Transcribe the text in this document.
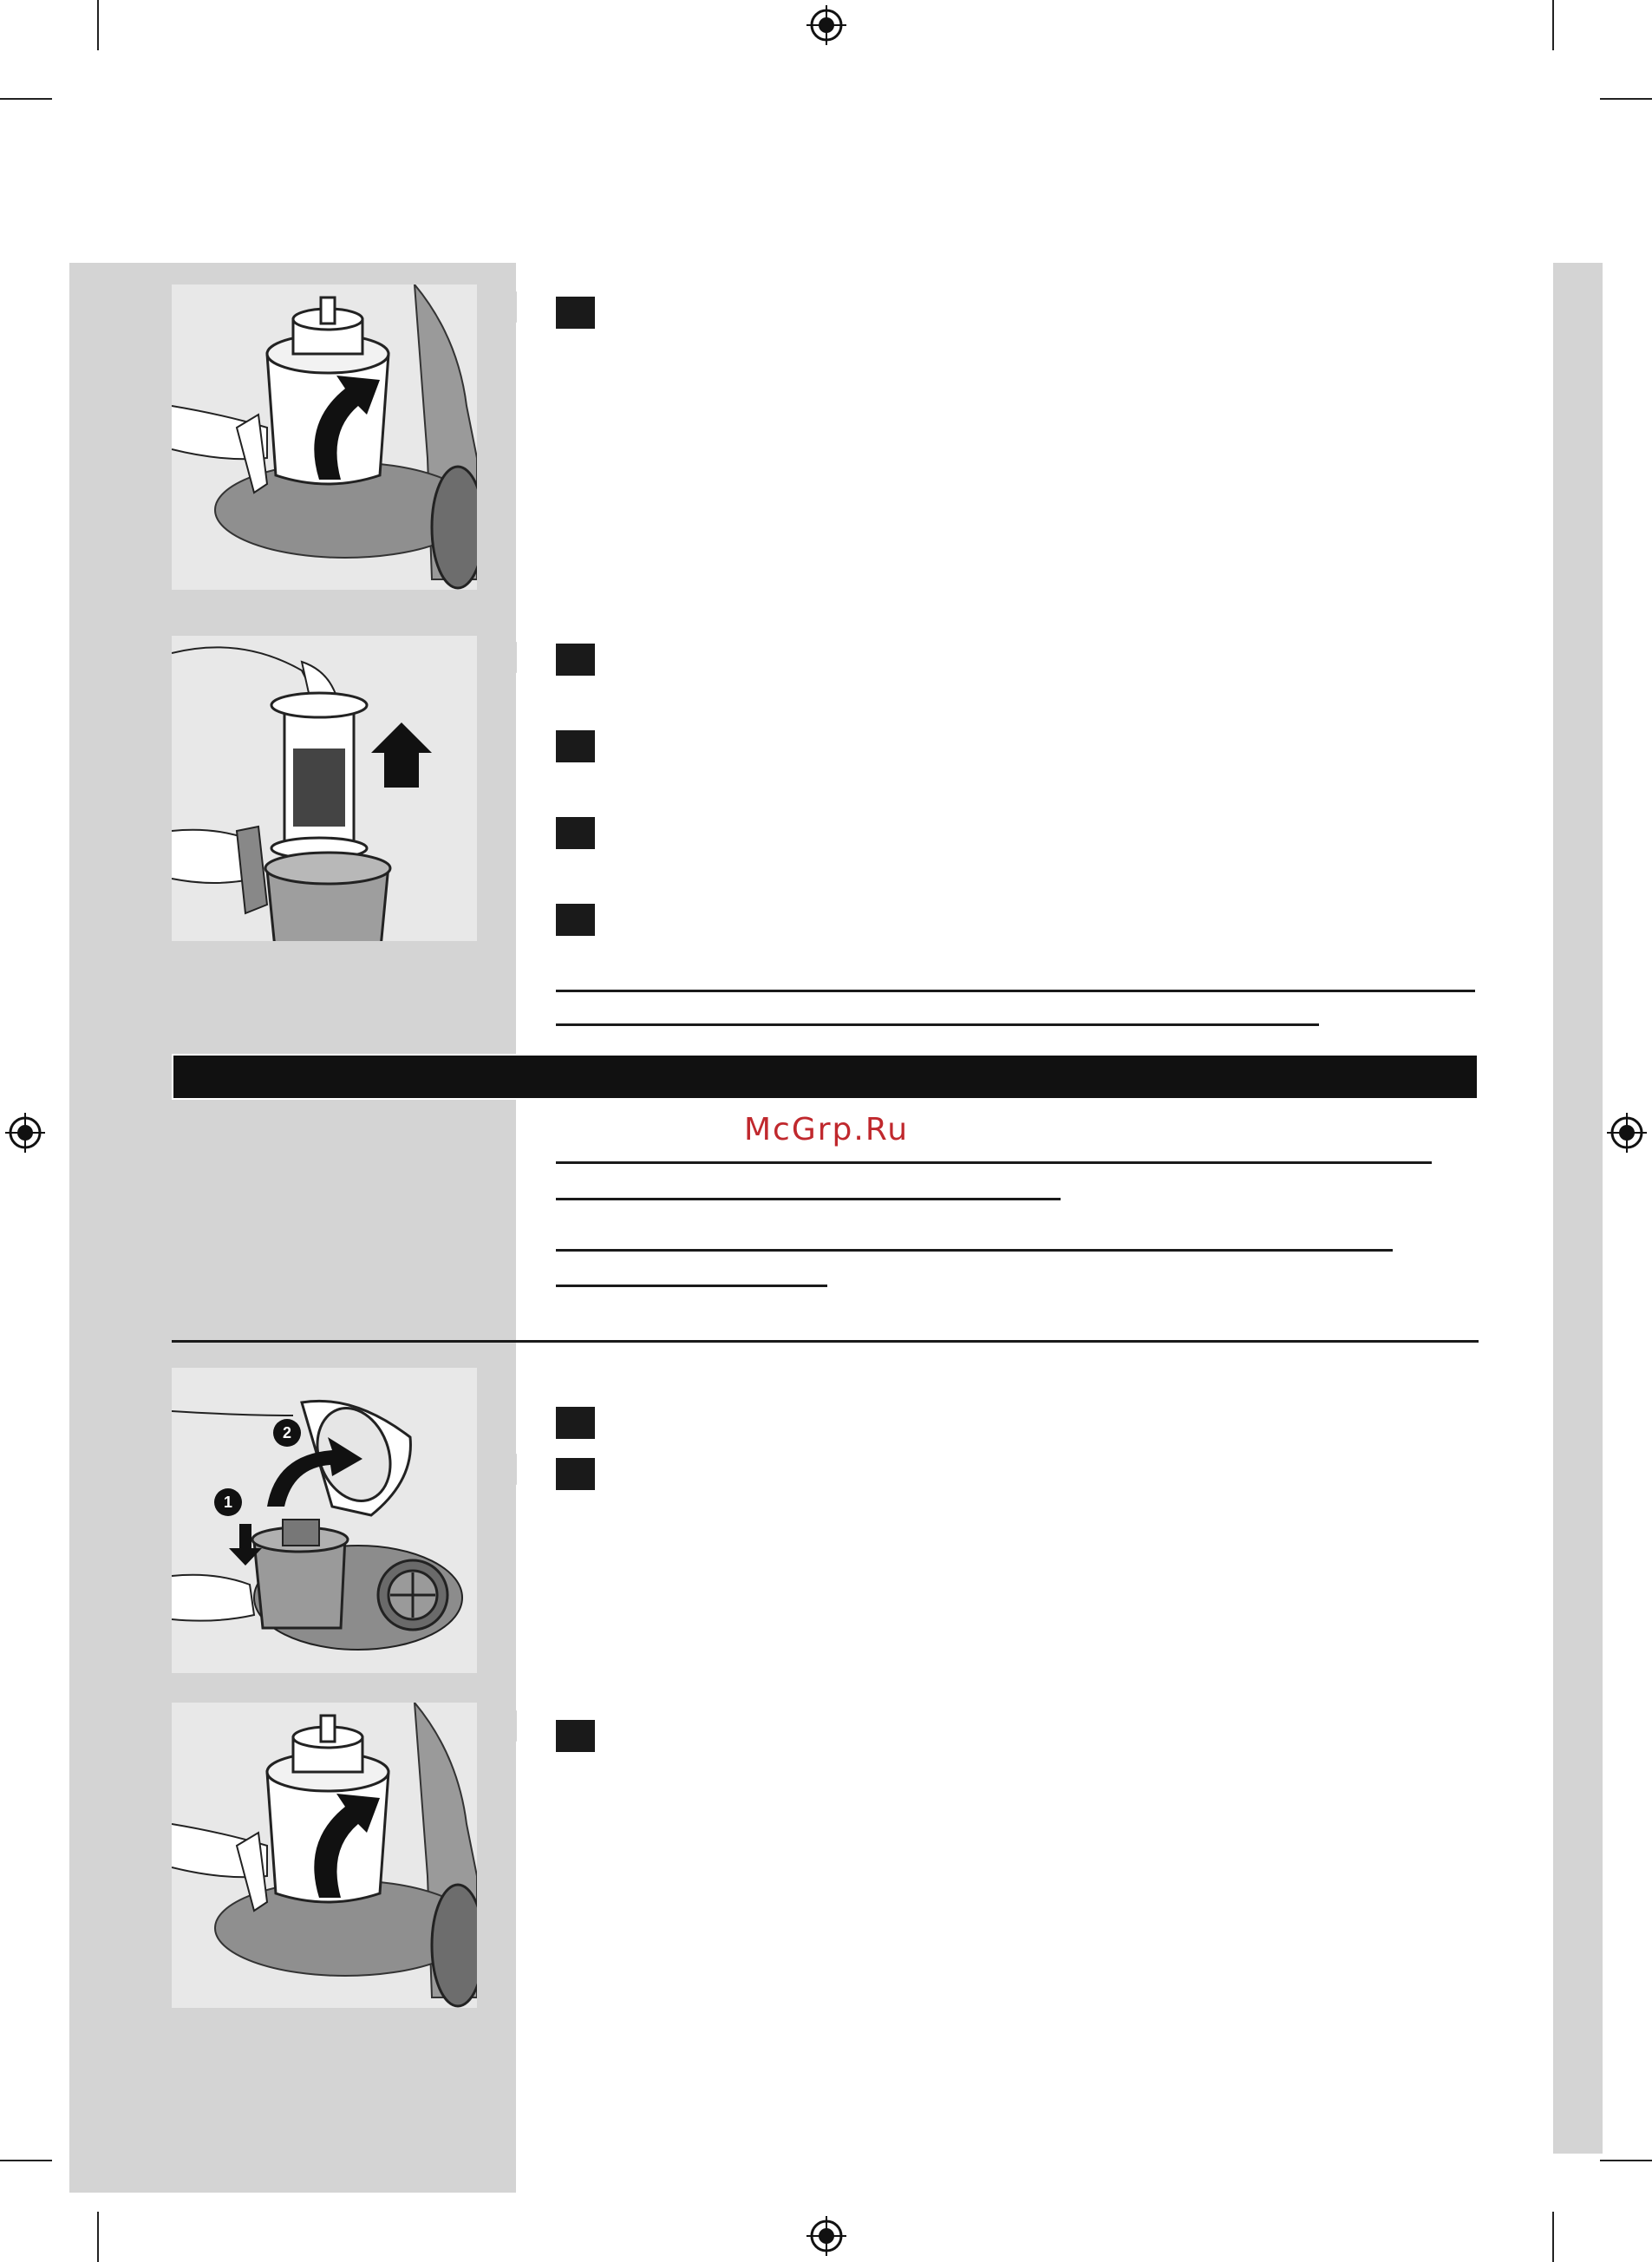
McGrp.Ru
2
1
